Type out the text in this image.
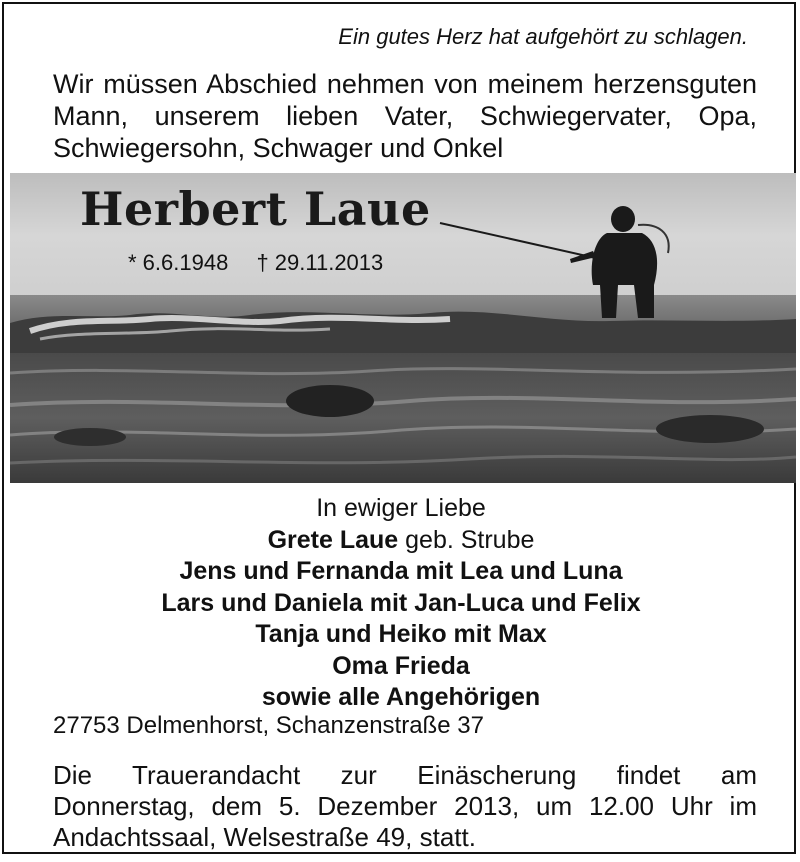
Ein gutes Herz hat aufgehört zu schlagen.
Wir müssen Abschied nehmen von meinem herzensguten
Mann, unserem lieben Vater, Schwiegervater, Opa,
Schwiegersohn, Schwager und Onkel
Herbert Laue
* 6.6.1948 † 29.11.2013
In ewiger Liebe
Grete Laue geb. Strube
Jens und Fernanda mit Lea und Luna
Lars und Daniela mit Jan-Luca und Felix
Tanja und Heiko mit Max
Oma Frieda
sowie alle Angehörigen
27753 Delmenhorst, Schanzenstraße 37
Die Trauerandacht zur Einäscherung findet am
Donnerstag, dem 5. Dezember 2013, um 12.00 Uhr im
Andachtssaal, Welsestraße 49, statt.
